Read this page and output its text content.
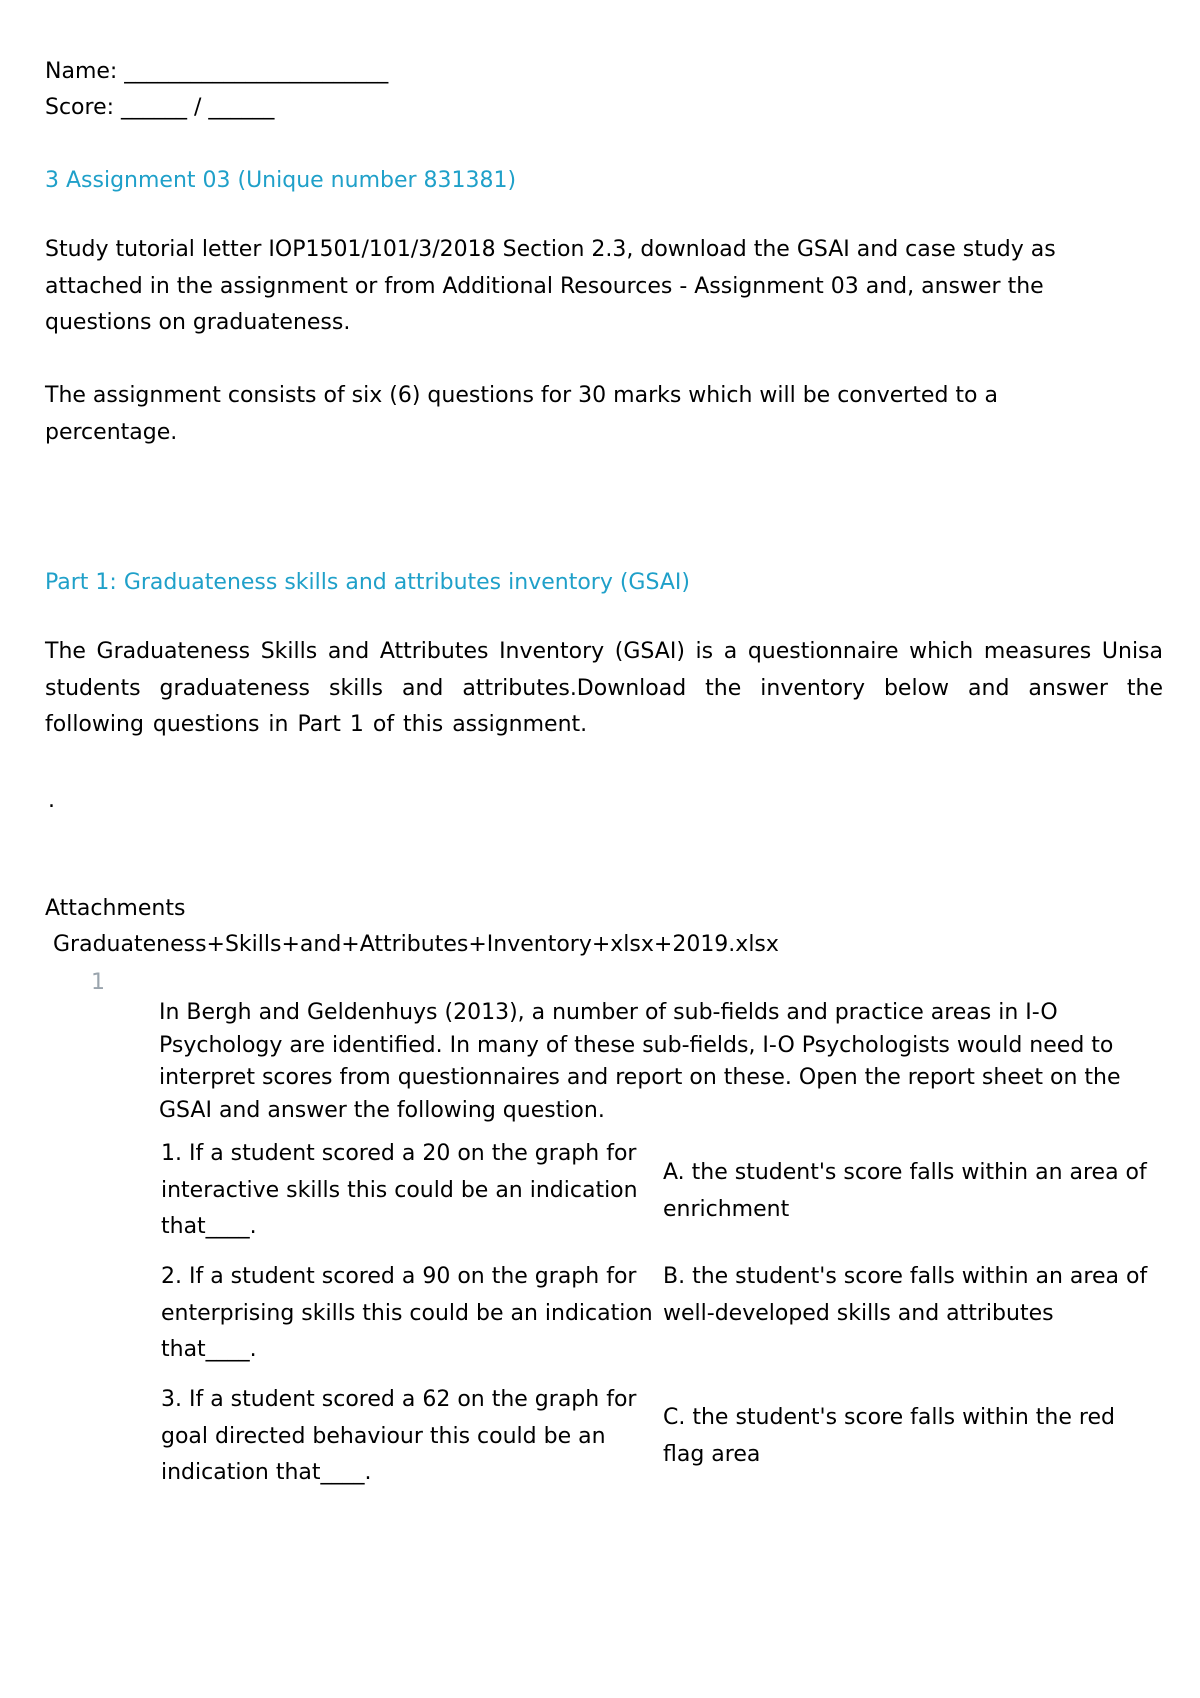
Name: ________________________
Score: ______ / ______
3 Assignment 03 (Unique number 831381)
Study tutorial letter IOP1501/101/3/2018 Section 2.3, download the GSAI and case study as attached in the assignment or from Additional Resources - Assignment 03 and, answer the questions on graduateness.
The assignment consists of six (6) questions for 30 marks which will be converted to a percentage.
Part 1: Graduateness skills and attributes inventory (GSAI)
The Graduateness Skills and Attributes Inventory (GSAI) is a questionnaire which measures Unisa students graduateness skills and attributes.Download the inventory below and answer the following questions in Part 1 of this assignment.
.
Attachments
Graduateness+Skills+and+Attributes+Inventory+xlsx+2019.xlsx
1
In Bergh and Geldenhuys (2013), a number of sub-fields and practice areas in I-O Psychology are identified. In many of these sub-fields, I-O Psychologists would need to interpret scores from questionnaires and report on these. Open the report sheet on the GSAI and answer the following question.
1. If a student scored a 20 on the graph for interactive skills this could be an indication that____.
2. If a student scored a 90 on the graph for enterprising skills this could be an indication that____.
3. If a student scored a 62 on the graph for goal directed behaviour this could be an indication that____.
A. the student's score falls within an area of enrichment
B. the student's score falls within an area of well-developed skills and attributes
C. the student's score falls within the red flag area
